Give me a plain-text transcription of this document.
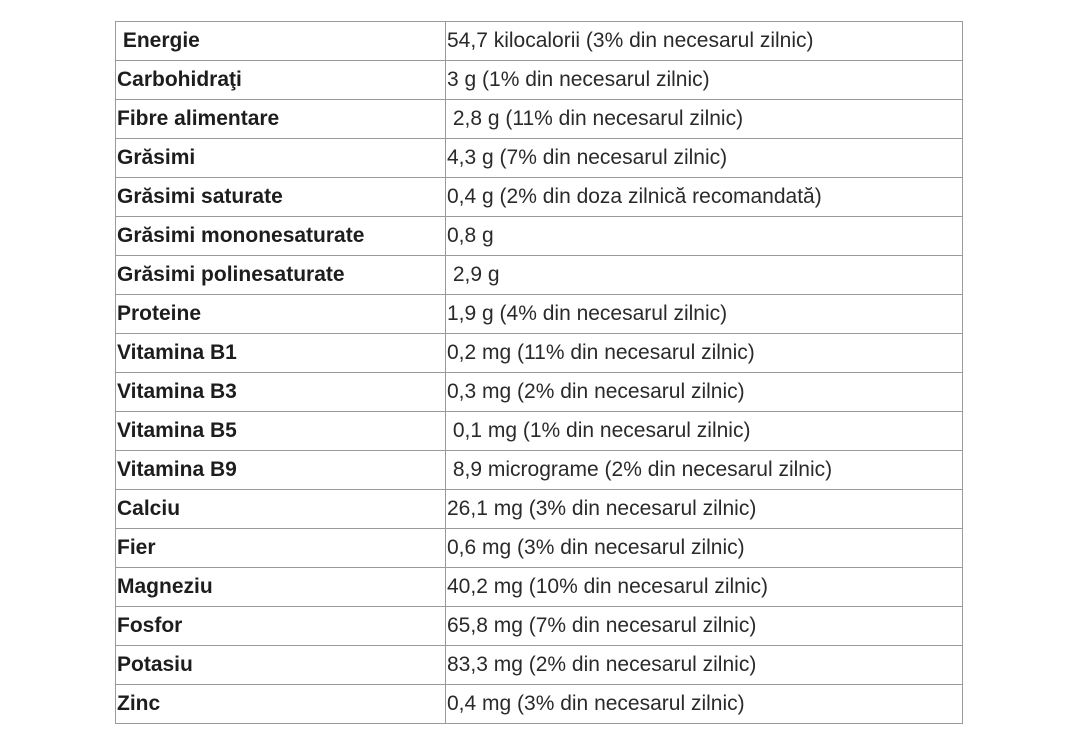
Energie	54,7 kilocalorii (3% din necesarul zilnic)
Carbohidraţi	3 g (1% din necesarul zilnic)
Fibre alimentare	2,8 g (11% din necesarul zilnic)
Grăsimi	4,3 g (7% din necesarul zilnic)
Grăsimi saturate	0,4 g (2% din doza zilnică recomandată)
Grăsimi mononesaturate	0,8 g
Grăsimi polinesaturate	2,9 g
Proteine	1,9 g (4% din necesarul zilnic)
Vitamina B1	0,2 mg (11% din necesarul zilnic)
Vitamina B3	0,3 mg (2% din necesarul zilnic)
Vitamina B5	0,1 mg (1% din necesarul zilnic)
Vitamina B9	8,9 micrograme (2% din necesarul zilnic)
Calciu	26,1 mg (3% din necesarul zilnic)
Fier	0,6 mg (3% din necesarul zilnic)
Magneziu	40,2 mg (10% din necesarul zilnic)
Fosfor	65,8 mg (7% din necesarul zilnic)
Potasiu	83,3 mg (2% din necesarul zilnic)
Zinc	0,4 mg (3% din necesarul zilnic)
